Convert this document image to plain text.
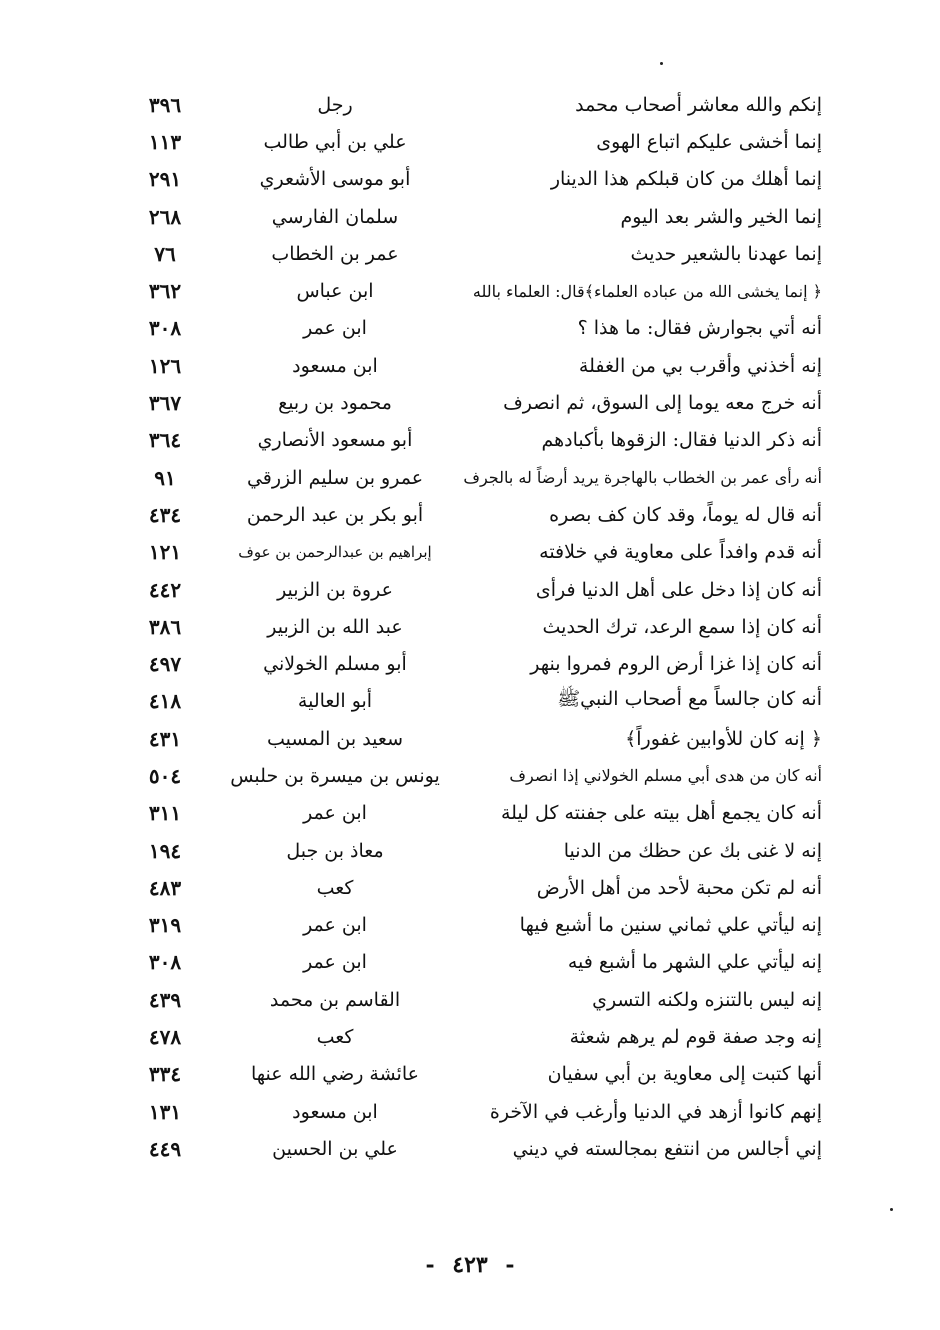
إنكم والله معاشر أصحاب محمد
رجل
٣٩٦
إنما أخشى عليكم اتباع الهوى
علي بن أبي طالب
١١٣
إنما أهلك من كان قبلكم هذا الدينار
أبو موسى الأشعري
٢٩١
إنما الخير والشر بعد اليوم
سلمان الفارسي
٢٦٨
إنما عهدنا بالشعير حديث
عمر بن الخطاب
٧٦
﴿ إنما يخشى الله من عباده العلماء﴾قال: العلماء بالله
ابن عباس
٣٦٢
أنه أتي بجوارش فقال: ما هذا ؟
ابن عمر
٣٠٨
إنه أخذني وأقرب بي من الغفلة
ابن مسعود
١٢٦
أنه خرج معه يوما إلى السوق، ثم انصرف
محمود بن ربيع
٣٦٧
أنه ذكر الدنيا فقال: الزقوها بأكبادهم
أبو مسعود الأنصاري
٣٦٤
أنه رأى عمر بن الخطاب بالهاجرة يريد أرضاً له بالجرف
عمرو بن سليم الزرقي
٩١
أنه قال له يوماً، وقد كان كف بصره
أبو بكر بن عبد الرحمن
٤٣٤
أنه قدم وافداً على معاوية في خلافته
إبراهيم بن عبدالرحمن بن عوف
١٢١
أنه كان إذا دخل على أهل الدنيا فرأى
عروة بن الزبير
٤٤٢
أنه كان إذا سمع الرعد، ترك الحديث
عبد الله بن الزبير
٣٨٦
أنه كان إذا غزا أرض الروم فمروا بنهر
أبو مسلم الخولاني
٤٩٧
أنه كان جالساً مع أصحاب النبيﷺ
أبو العالية
٤١٨
﴿ إنه كان للأوابين غفوراً﴾
سعيد بن المسيب
٤٣١
أنه كان من هدى أبي مسلم الخولاني إذا انصرف
يونس بن ميسرة بن حلبس
٥٠٤
أنه كان يجمع أهل بيته على جفنته كل ليلة
ابن عمر
٣١١
إنه لا غنى بك عن حظك من الدنيا
معاذ بن جبل
١٩٤
أنه لم تكن محبة لأحد من أهل الأرض
كعب
٤٨٣
إنه ليأتي علي ثماني سنين ما أشبع فيها
ابن عمر
٣١٩
إنه ليأتي علي الشهر ما أشبع فيه
ابن عمر
٣٠٨
إنه ليس بالتنزه ولكنه التسري
القاسم بن محمد
٤٣٩
إنه وجد صفة قوم لم يرهم شعثة
كعب
٤٧٨
أنها كتبت إلى معاوية بن أبي سفيان
عائشة رضي الله عنها
٣٣٤
إنهم كانوا أزهد في الدنيا وأرغب في الآخرة
ابن مسعود
١٣١
إني أجالس من انتفع بمجالسته في ديني
علي بن الحسين
٤٤٩
- ٤٢٣ -
